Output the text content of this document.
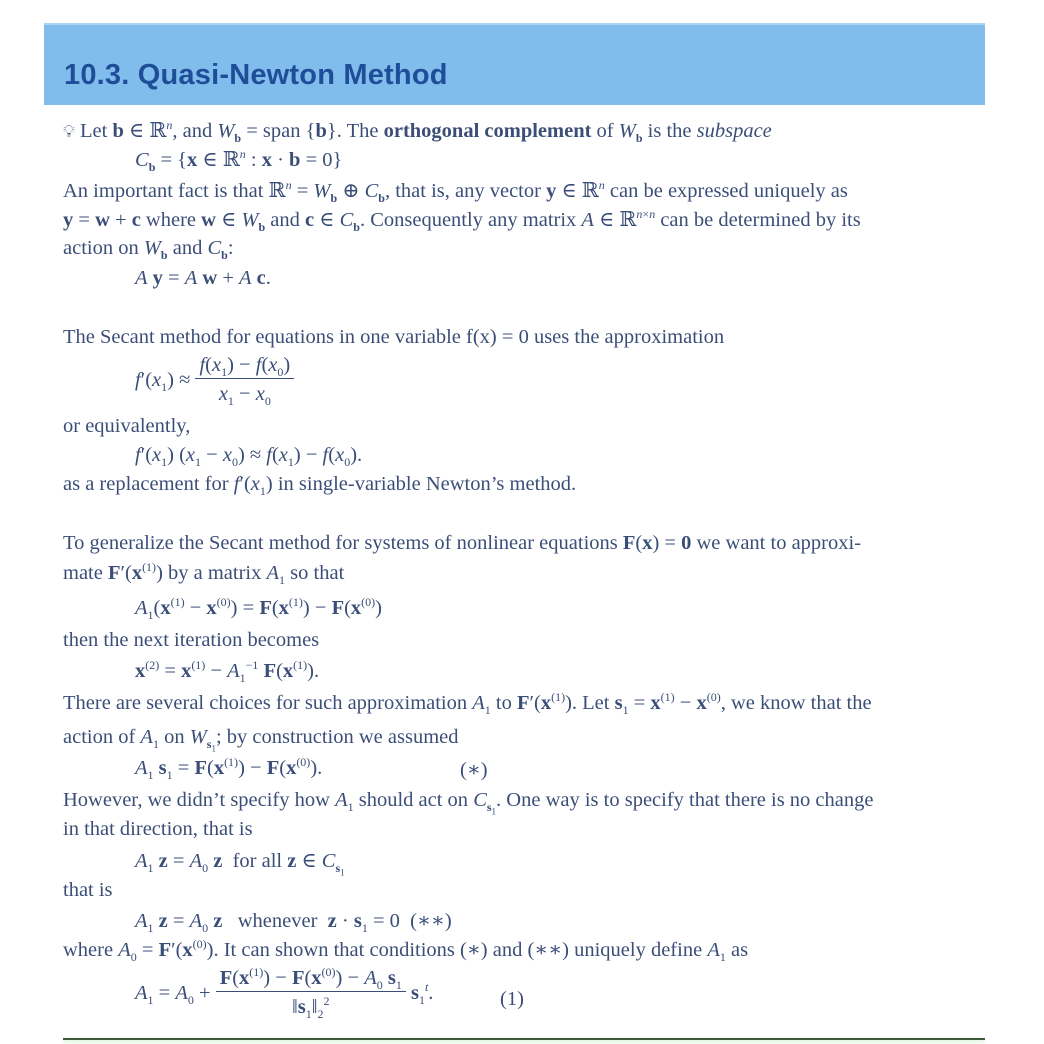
10.3. Quasi-Newton Method
💡︎ Let b ∈ ℝ$^n$, and $W_b$ = span {b}. The orthogonal complement of $W_b$ is the subspace
$C_b = \{x$ ∈ ℝ$^n$ : x · b = 0}
An important fact is that ℝ$^n$ = $W_b$ ⊕ $C_b$, that is, any vector y ∈ ℝ$^n$ can be expressed uniquely as
y = w + c where w ∈ $W_b$ and c ∈ $C_b$. Consequently any matrix A ∈ ℝ$^{n\times n}$ can be determined by its
action on $W_b$ and $C_b$:
A y = A w + A c.
The Secant method for equations in one variable f(x) = 0 uses the approximation
$f'(x_1) \approx \frac{f(x_1) - f(x_0)}{x_1 - x_0}$
or equivalently,
$f'(x_1) (x_1 - x_0) \approx f(x_1) - f(x_0)$.
as a replacement for $f'(x_1)$ in single-variable Newton’s method.
To generalize the Secant method for systems of nonlinear equations F(x) = 0 we want to approxi-
mate $F'(x^{(1)})$ by a matrix $A_1$ so that
$A_1(x^{(1)} - x^{(0)}) = F(x^{(1)}) - F(x^{(0)})$
then the next iteration becomes
$x^{(2)} = x^{(1)} - A_1^{-1}$ $F(x^{(1)})$.
There are several choices for such approximation $A_1$ to $F'(x^{(1)})$. Let $s_1 = x^{(1)} - x^{(0)}$, we know that the
action of $A_1$ on $W_{s_1}$; by construction we assumed
$A_1$ $s_1 = F(x^{(1)}) - F(x^{(0)})$.	(∗)
However, we didn’t specify how $A_1$ should act on $C_{s_1}$. One way is to specify that there is no change
in that direction, that is
$A_1$ $z = A_0$ z  for all z ∈ $C_{s_1}$
that is
$A_1$ $z = A_0$ z   whenever  $z \cdot s_1 = 0$  (∗∗)
where $A_0 = F'(x^{(0)})$. It can shown that conditions (∗) and (∗∗) uniquely define $A_1$ as
$A_1 = A_0 + \frac{F(x^{(1)}) - F(x^{(0)}) - A_0 s_1}{‖s_1‖_2^2} s_1^t$.	(1)
